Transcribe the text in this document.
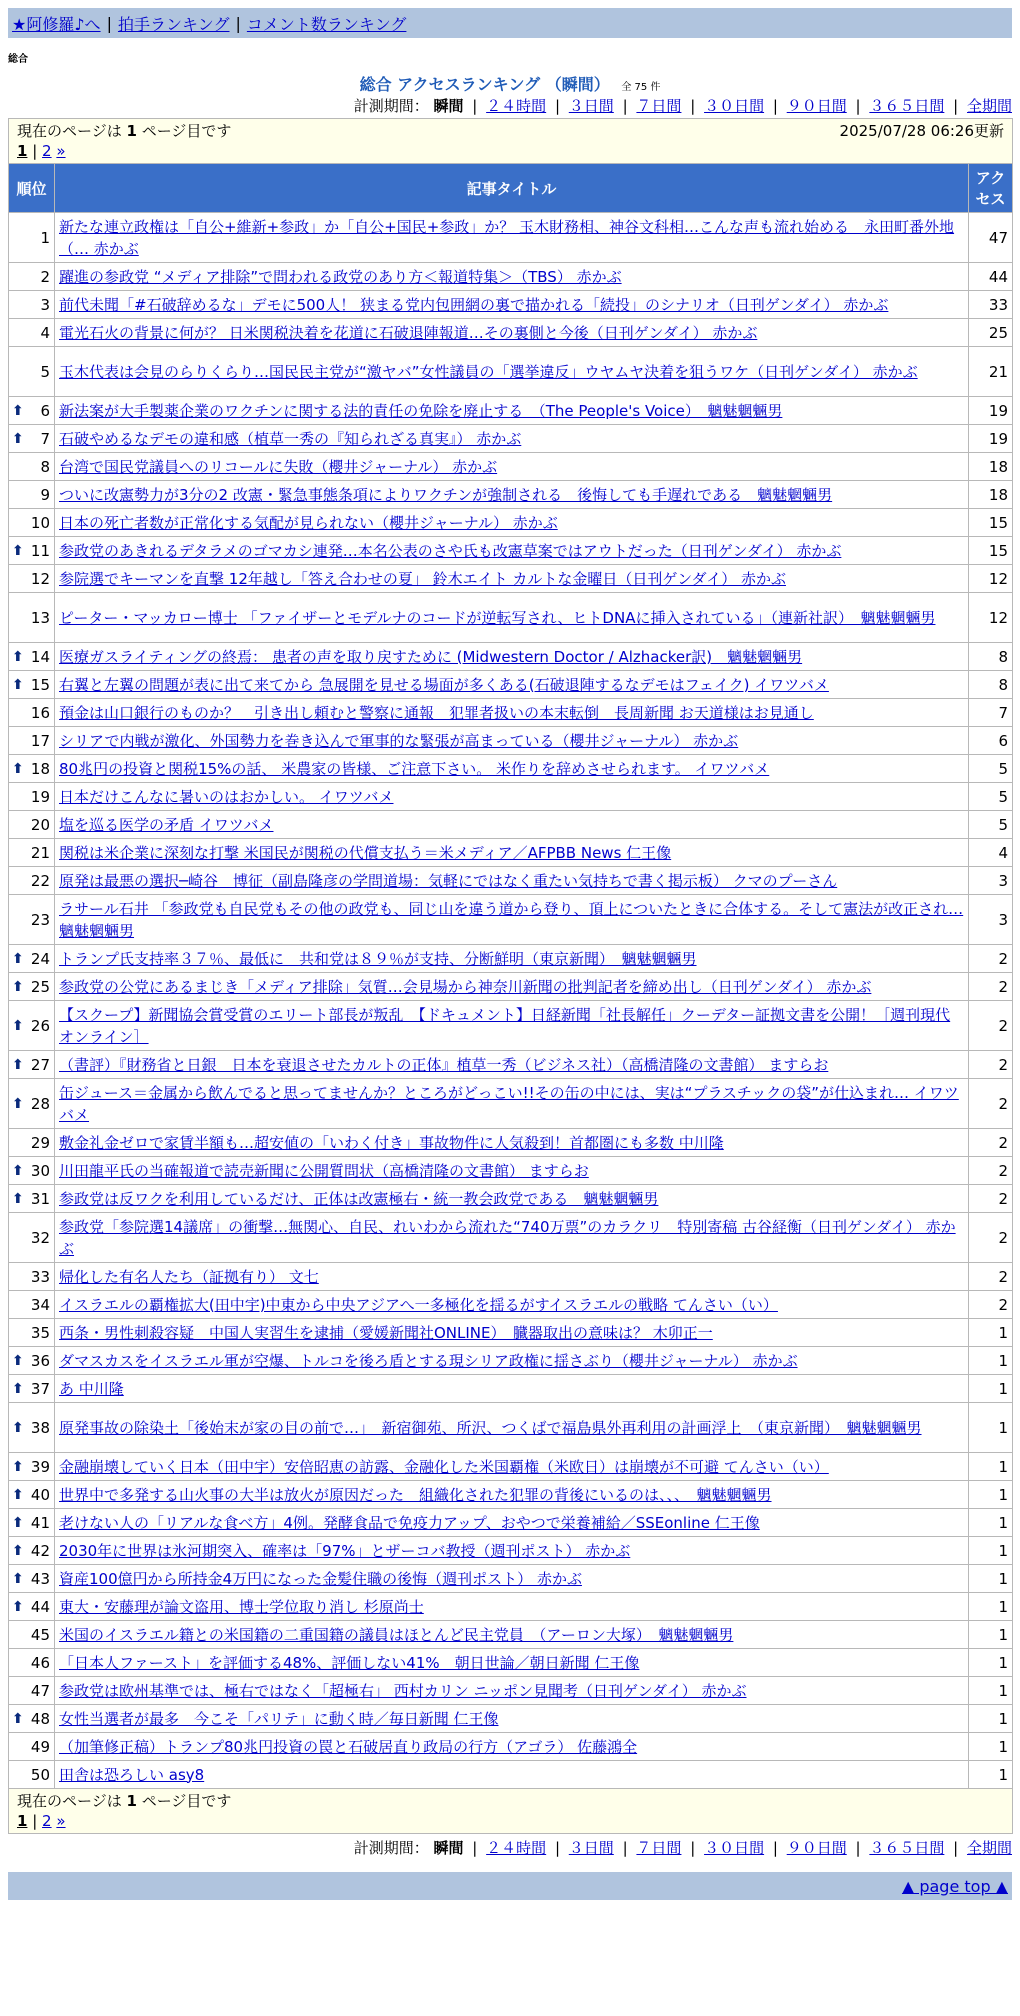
★阿修羅♪へ | 拍手ランキング | コメント数ランキング
総合
総合 アクセスランキング （瞬間） 全 75 件
計測期間： 瞬間 | ２４時間 | ３日間 | ７日間 | ３０日間 | ９０日間 | ３６５日間 | 全期間
現在のページは 1 ページ目です 2025/07/28 06:26更新
1 | 2 »		

順位	記事タイトル	アクセス
1	新たな連立政権は「自公+維新+参政」か「自公+国民+参政」か？ 玉木財務相、神谷文科相…こんな声も流れ始める　永田町番外地（… 赤かぶ	47
2	躍進の参政党 “メディア排除”で問われる政党のあり方＜報道特集＞（TBS） 赤かぶ	44
3	前代未聞「#石破辞めるな」デモに500人！ 狭まる党内包囲網の裏で描かれる「続投」のシナリオ（日刊ゲンダイ） 赤かぶ	33
4	電光石火の背景に何が？ 日米関税決着を花道に石破退陣報道…その裏側と今後（日刊ゲンダイ） 赤かぶ	25
5	玉木代表は会見のらりくらり…国民民主党が“激ヤバ”女性議員の「選挙違反」ウヤムヤ決着を狙うワケ（日刊ゲンダイ） 赤かぶ	21

⬆ 6	新法案が大手製薬企業のワクチンに関する法的責任の免除を廃止する　（The People's Voice）　魑魅魍魎男	19

⬆ 7	石破やめるなデモの違和感（植草一秀の『知られざる真実』） 赤かぶ	19
8	台湾で国民党議員へのリコールに失敗（櫻井ジャーナル） 赤かぶ	18
9	ついに改憲勢力が3分の2 改憲・緊急事態条項によりワクチンが強制される　後悔しても手遅れである　魑魅魍魎男	18
10	日本の死亡者数が正常化する気配が見られない（櫻井ジャーナル） 赤かぶ	15

⬆ 11	参政党のあきれるデタラメのゴマカシ連発…本名公表のさや氏も改憲草案ではアウトだった（日刊ゲンダイ） 赤かぶ	15
12	参院選でキーマンを直撃 12年越し「答え合わせの夏」 鈴木エイト カルトな金曜日（日刊ゲンダイ） 赤かぶ	12
13	ピーター・マッカロー博士 「ファイザーとモデルナのコードが逆転写され、ヒトDNAに挿入されている」（連新社訳）　魑魅魍魎男	12

⬆ 14	医療ガスライティングの終焉： 患者の声を取り戻すために (Midwestern Doctor / Alzhacker訳)　魑魅魍魎男	8

⬆ 15	右翼と左翼の問題が表に出て来てから 急展開を見せる場面が多くある(石破退陣するなデモはフェイク) イワツバメ	8
16	預金は山口銀行のものか？　引き出し頼むと警察に通報　犯罪者扱いの本末転倒　長周新聞 お天道様はお見通し	7
17	シリアで内戦が激化、外国勢力を巻き込んで軍事的な緊張が高まっている（櫻井ジャーナル） 赤かぶ	6

⬆ 18	80兆円の投資と関税15%の話、 米農家の皆様、ご注意下さい。 米作りを辞めさせられます。 イワツバメ	5
19	日本だけこんなに暑いのはおかしい。 イワツバメ	5
20	塩を巡る医学の矛盾 イワツバメ	5
21	関税は米企業に深刻な打撃 米国民が関税の代償支払う＝米メディア／AFPBB News 仁王像	4
22	原発は最悪の選択─崎谷　博征（副島隆彦の学問道場：気軽にではなく重たい気持ちで書く掲示板） クマのプーさん	3
23	ラサール石井 「参政党も自民党もその他の政党も、同じ山を違う道から登り、頂上についたときに合体する。そして憲法が改正され… 魑魅魍魎男	3

⬆ 24	トランプ氏支持率３７％、最低に　共和党は８９％が支持、分断鮮明（東京新聞）　魑魅魍魎男	2

⬆ 25	参政党の公党にあるまじき「メディア排除」気質…会見場から神奈川新聞の批判記者を締め出し（日刊ゲンダイ） 赤かぶ	2

⬆ 26	【スクープ】新聞協会賞受賞のエリート部長が叛乱　【ドキュメント】日経新聞「社長解任」クーデター証拠文書を公開！［週刊現代オンライン］	2

⬆ 27	（書評）『財務省と日銀　日本を衰退させたカルトの正体』植草一秀（ビジネス社）（高橋清隆の文書館） ますらお	2

⬆ 28	缶ジュース＝金属から飲んでると思ってませんか？ところがどっこい!!その缶の中には、実は“プラスチックの袋”が仕込まれ… イワツバメ	2
29	敷金礼金ゼロで家賃半額も…超安値の「いわく付き」事故物件に人気殺到！首都圏にも多数 中川隆	2

⬆ 30	川田龍平氏の当確報道で読売新聞に公開質問状（高橋清隆の文書館） ますらお	2

⬆ 31	参政党は反ワクを利用しているだけ、正体は改憲極右・統一教会政党である　魑魅魍魎男	2
32	参政党「参院選14議席」の衝撃…無関心、自民、れいわから流れた“740万票”のカラクリ　特別寄稿 古谷経衡（日刊ゲンダイ） 赤かぶ	2
33	帰化した有名人たち（証拠有り） 文七	2
34	イスラエルの覇権拡大(田中宇)中東から中央アジアへ一多極化を揺るがすイスラエルの戦略 てんさい（い）	2
35	西条・男性刺殺容疑　中国人実習生を逮捕（愛媛新聞社ONLINE）　臓器取出の意味は？ 木卯正一	1

⬆ 36	ダマスカスをイスラエル軍が空爆、トルコを後ろ盾とする現シリア政権に揺さぶり（櫻井ジャーナル） 赤かぶ	1

⬆ 37	あ 中川隆	1

⬆ 38	原発事故の除染土「後始末が家の目の前で…」　新宿御苑、所沢、つくばで福島県外再利用の計画浮上　（東京新聞）　魑魅魍魎男	1

⬆ 39	金融崩壊していく日本（田中宇）安倍昭恵の訪露、金融化した米国覇権（米欧日）は崩壊が不可避 てんさい（い）	1

⬆ 40	世界中で多発する山火事の大半は放火が原因だった　組織化された犯罪の背後にいるのは、、、　魑魅魍魎男	1

⬆ 41	老けない人の「リアルな食べ方」4例。発酵食品で免疫力アップ、おやつで栄養補給／SSEonline 仁王像	1

⬆ 42	2030年に世界は氷河期突入、確率は「97%」とザーコバ教授（週刊ポスト） 赤かぶ	1

⬆ 43	資産100億円から所持金4万円になった金髪住職の後悔（週刊ポスト） 赤かぶ	1

⬆ 44	東大・安藤理が論文盗用、博士学位取り消し 杉原尚士	1
45	米国のイスラエル籍との米国籍の二重国籍の議員はほとんど民主党員　（アーロン大塚）　魑魅魍魎男	1
46	「日本人ファースト」を評価する48%、評価しない41%　朝日世論／朝日新聞 仁王像	1
47	参政党は欧州基準では、極右ではなく「超極右」 西村カリン ニッポン見聞考（日刊ゲンダイ） 赤かぶ	1

⬆ 48	女性当選者が最多　今こそ「パリテ」に動く時／毎日新聞 仁王像	1
49	（加筆修正稿）トランプ80兆円投資の罠と石破居直り政局の行方（アゴラ） 佐藤鴻全	1
50	田舎は恐ろしい asy8	1

現在のページは 1 ページ目です
1 | 2 »		
計測期間： 瞬間 | ２４時間 | ３日間 | ７日間 | ３０日間 | ９０日間 | ３６５日間 | 全期間
▲ page top ▲
